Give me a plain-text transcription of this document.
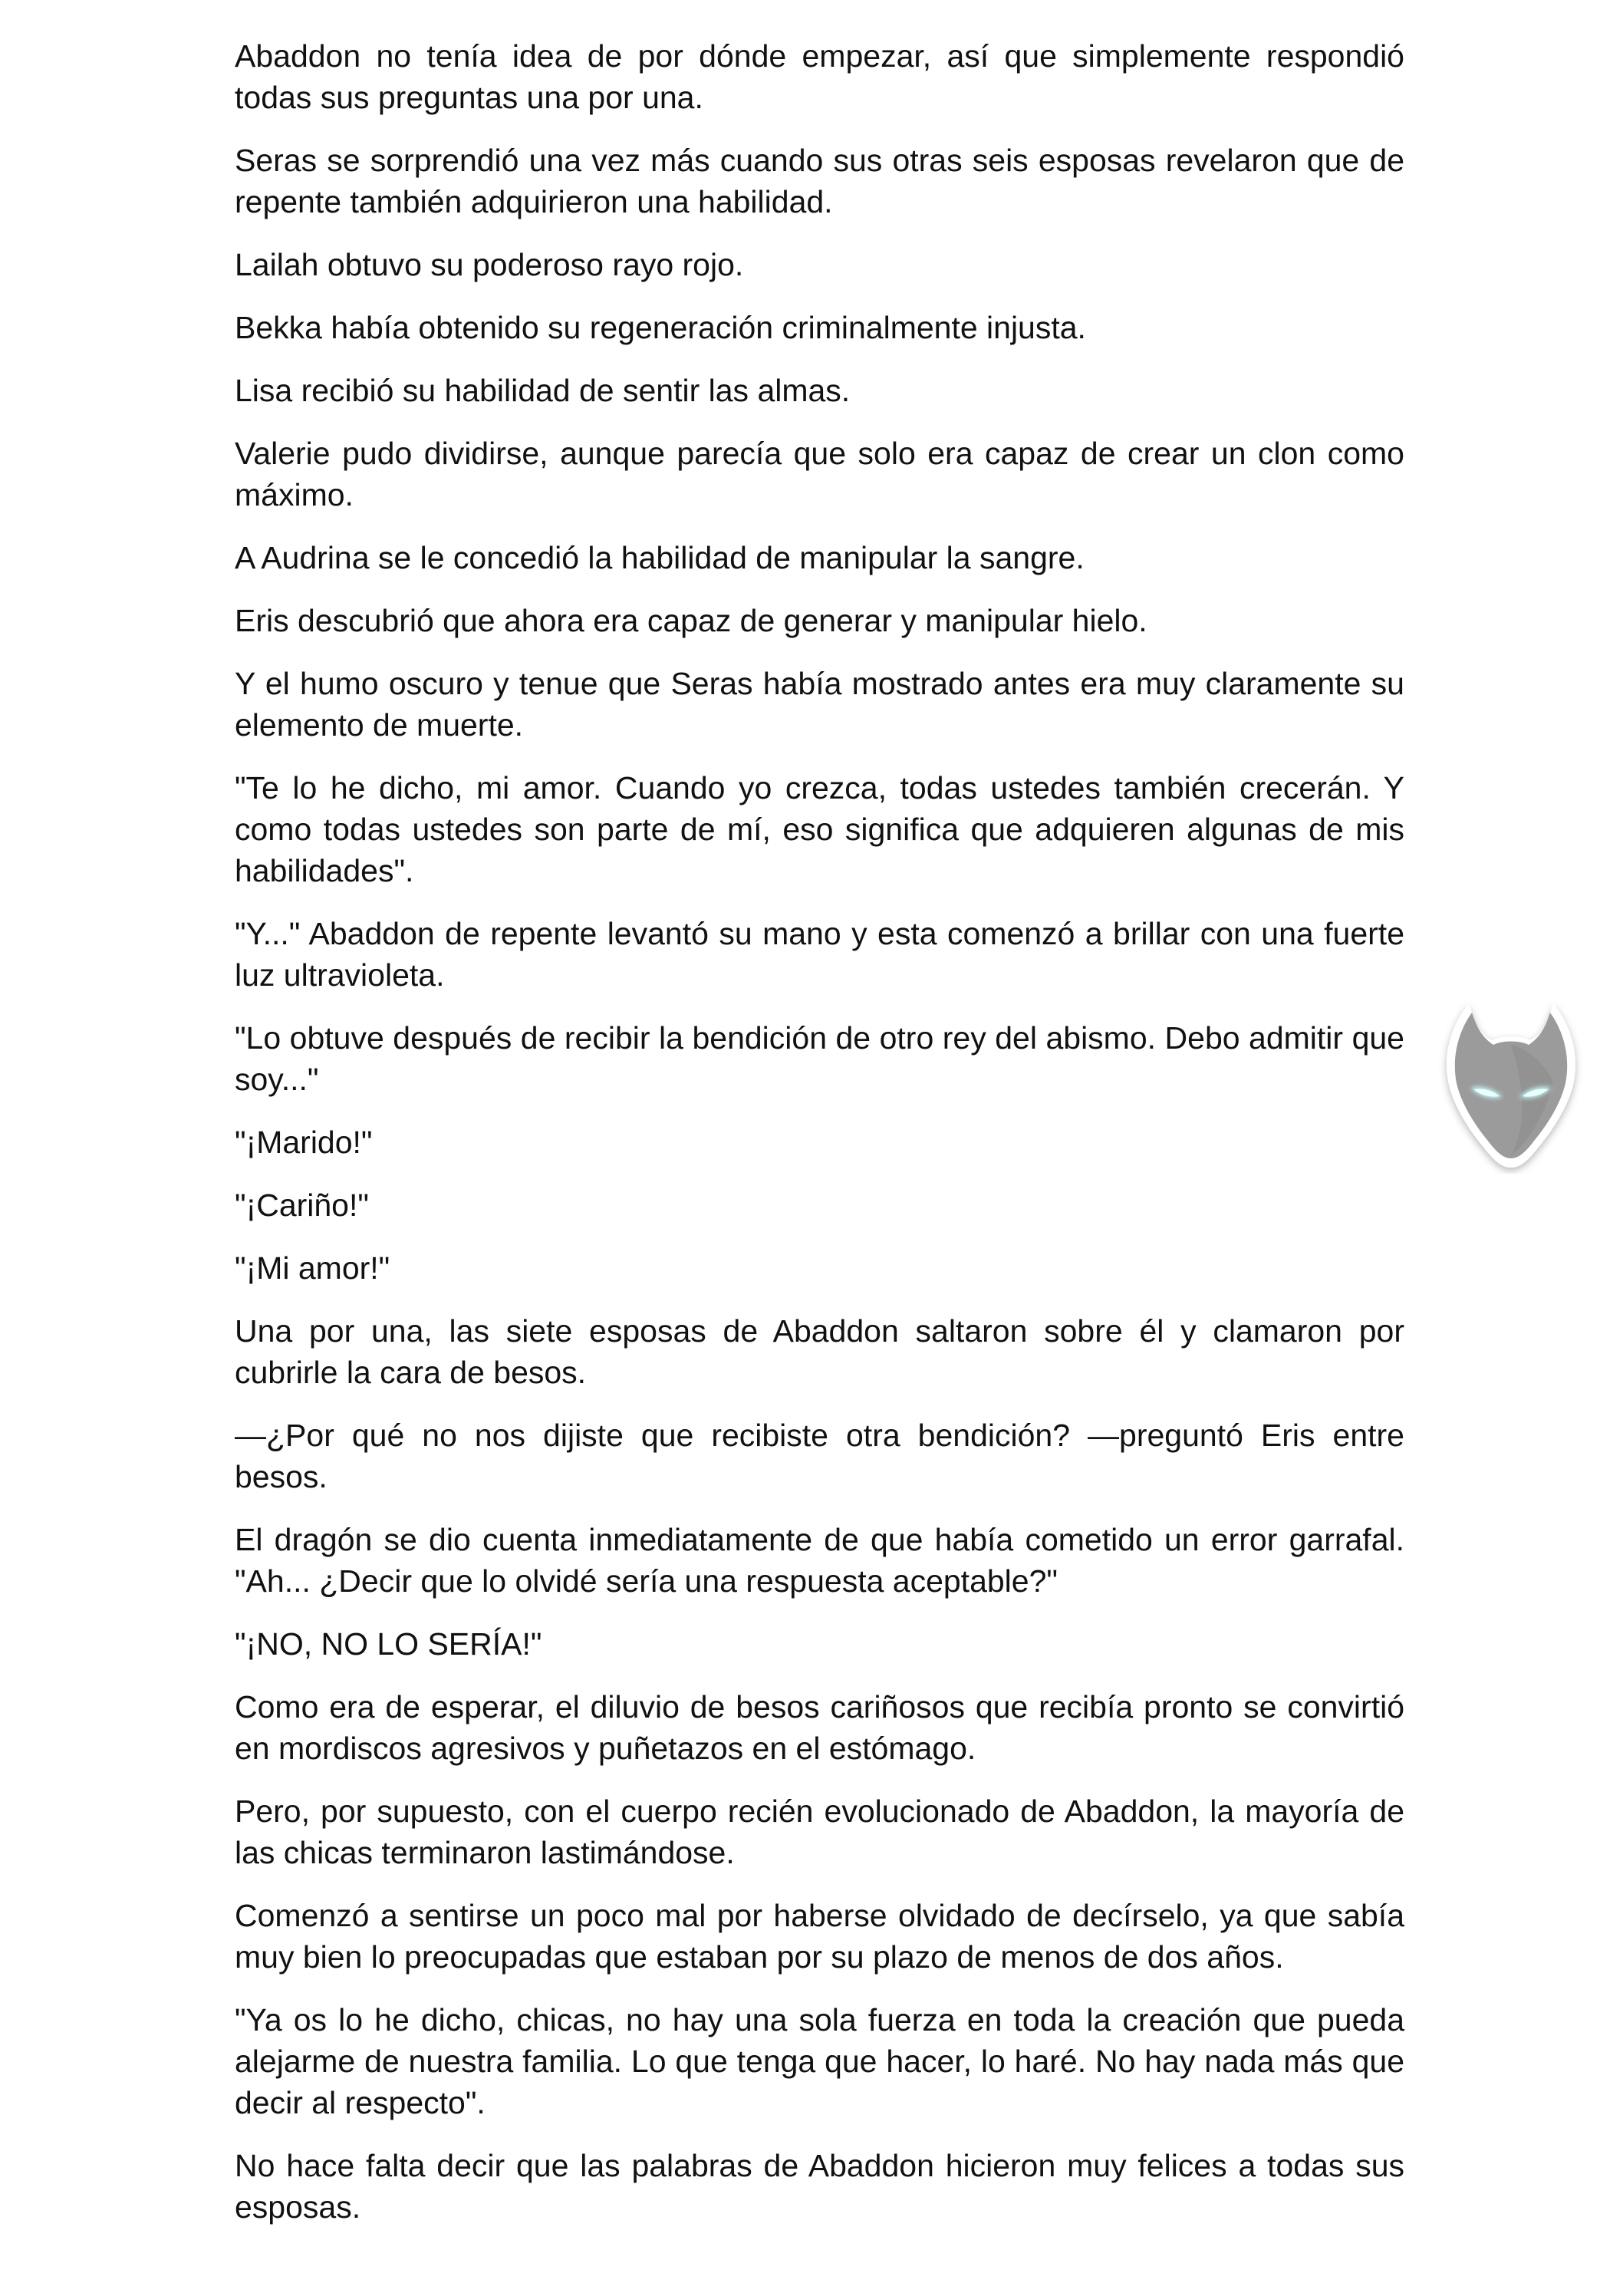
Abaddon no tenía idea de por dónde empezar, así que simplemente respondió todas sus preguntas una por una.

Seras se sorprendió una vez más cuando sus otras seis esposas revelaron que de repente también adquirieron una habilidad.

Lailah obtuvo su poderoso rayo rojo.

Bekka había obtenido su regeneración criminalmente injusta.

Lisa recibió su habilidad de sentir las almas.

Valerie pudo dividirse, aunque parecía que solo era capaz de crear un clon como máximo.

A Audrina se le concedió la habilidad de manipular la sangre.

Eris descubrió que ahora era capaz de generar y manipular hielo.

Y el humo oscuro y tenue que Seras había mostrado antes era muy claramente su elemento de muerte.

"Te lo he dicho, mi amor. Cuando yo crezca, todas ustedes también crecerán. Y como todas ustedes son parte de mí, eso significa que adquieren algunas de mis habilidades".

"Y..." Abaddon de repente levantó su mano y esta comenzó a brillar con una fuerte luz ultravioleta.

"Lo obtuve después de recibir la bendición de otro rey del abismo. Debo admitir que soy..."

"¡Marido!"

"¡Cariño!"

"¡Mi amor!"

Una por una, las siete esposas de Abaddon saltaron sobre él y clamaron por cubrirle la cara de besos.

—¿Por qué no nos dijiste que recibiste otra bendición? —preguntó Eris entre besos.

El dragón se dio cuenta inmediatamente de que había cometido un error garrafal. "Ah... ¿Decir que lo olvidé sería una respuesta aceptable?"

"¡NO, NO LO SERÍA!"

Como era de esperar, el diluvio de besos cariñosos que recibía pronto se convirtió en mordiscos agresivos y puñetazos en el estómago.

Pero, por supuesto, con el cuerpo recién evolucionado de Abaddon, la mayoría de las chicas terminaron lastimándose.

Comenzó a sentirse un poco mal por haberse olvidado de decírselo, ya que sabía muy bien lo preocupadas que estaban por su plazo de menos de dos años.

"Ya os lo he dicho, chicas, no hay una sola fuerza en toda la creación que pueda alejarme de nuestra familia. Lo que tenga que hacer, lo haré. No hay nada más que decir al respecto".

No hace falta decir que las palabras de Abaddon hicieron muy felices a todas sus esposas.
